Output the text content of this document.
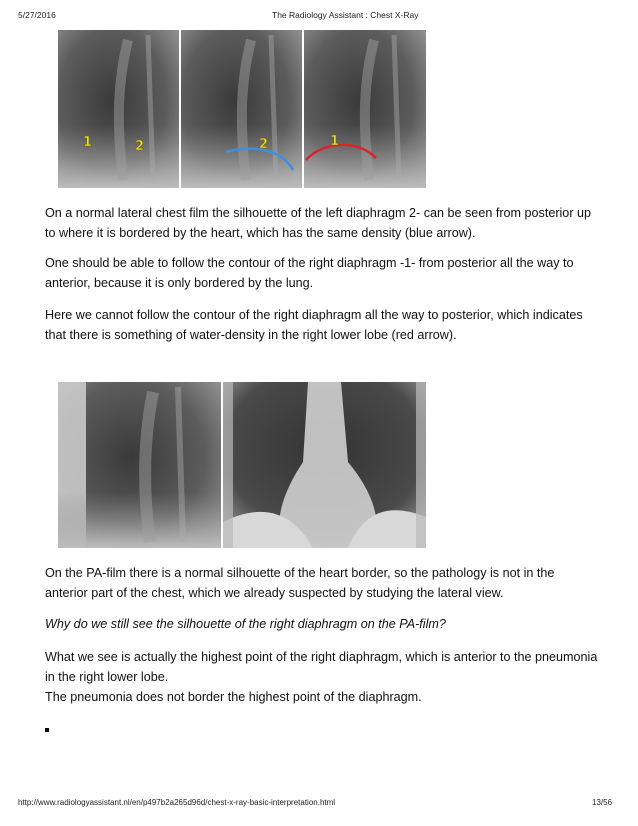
5/27/2016	The Radiology Assistant : Chest X-Ray
1	2	2	1

On a normal lateral chest film the silhouette of the left diaphragm 2- can be seen from posterior up to where it is bordered by the heart, which has the same density (blue arrow).

One should be able to follow the contour of the right diaphragm -1- from posterior all the way to anterior, because it is only bordered by the lung.

Here we cannot follow the contour of the right diaphragm all the way to posterior, which indicates that there is something of water-density in the right lower lobe (red arrow).

On the PA-film there is a normal silhouette of the heart border, so the pathology is not in the anterior part of the chest, which we already suspected by studying the lateral view.

Why do we still see the silhouette of the right diaphragm on the PA-film?

What we see is actually the highest point of the right diaphragm, which is anterior to the pneumonia in the right lower lobe.

The pneumonia does not border the highest point of the diaphragm.

http://www.radiologyassistant.nl/en/p497b2a265d96d/chest-x-ray-basic-interpretation.html	13/56
